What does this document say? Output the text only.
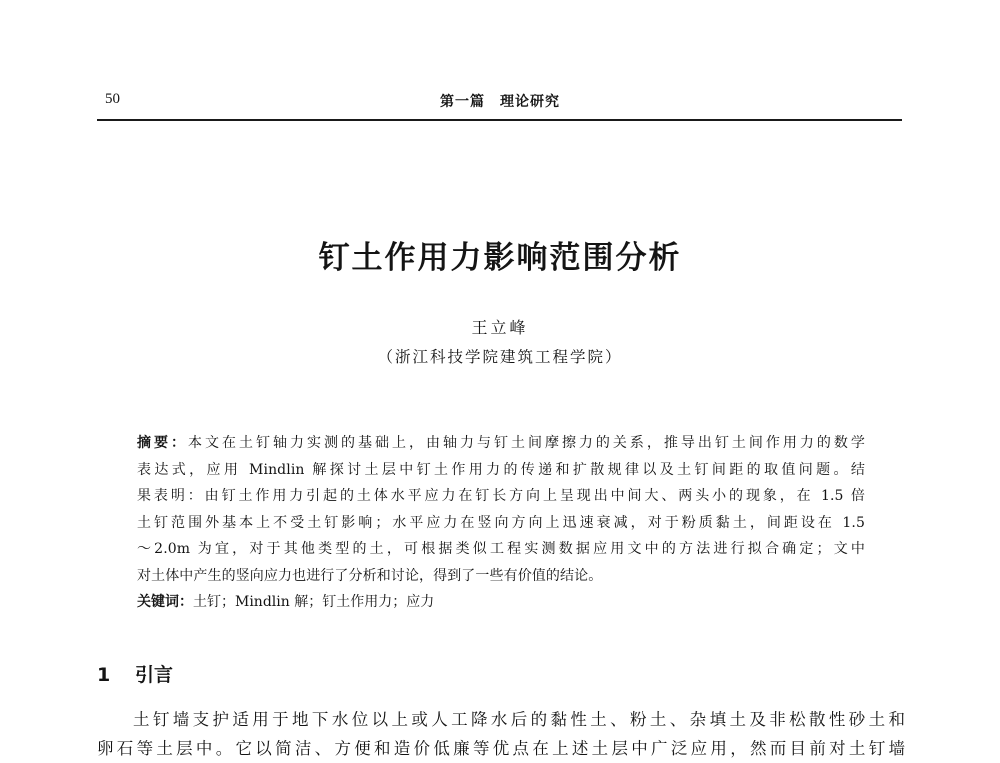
50	第一篇　理论研究
钉土作用力影响范围分析
王立峰
（浙江科技学院建筑工程学院）
摘要：本文在土钉轴力实测的基础上，由轴力与钉土间摩擦力的关系，推导出钉土间作用力的数学
表达式，应用 Mindlin 解探讨土层中钉土作用力的传递和扩散规律以及土钉间距的取值问题。结
果表明：由钉土作用力引起的土体水平应力在钉长方向上呈现出中间大、两头小的现象，在 1.5 倍
土钉范围外基本上不受土钉影响；水平应力在竖向方向上迅速衰减，对于粉质黏土，间距设在 1.5
～2.0m 为宜，对于其他类型的土，可根据类似工程实测数据应用文中的方法进行拟合确定；文中
对土体中产生的竖向应力也进行了分析和讨论，得到了一些有价值的结论。
关键词：土钉；Mindlin 解；钉土作用力；应力
1 引言
土钉墙支护适用于地下水位以上或人工降水后的黏性土、粉土、杂填土及非松散性砂土和
卵石等土层中。它以简洁、方便和造价低廉等优点在上述土层中广泛应用，然而目前对土钉墙
